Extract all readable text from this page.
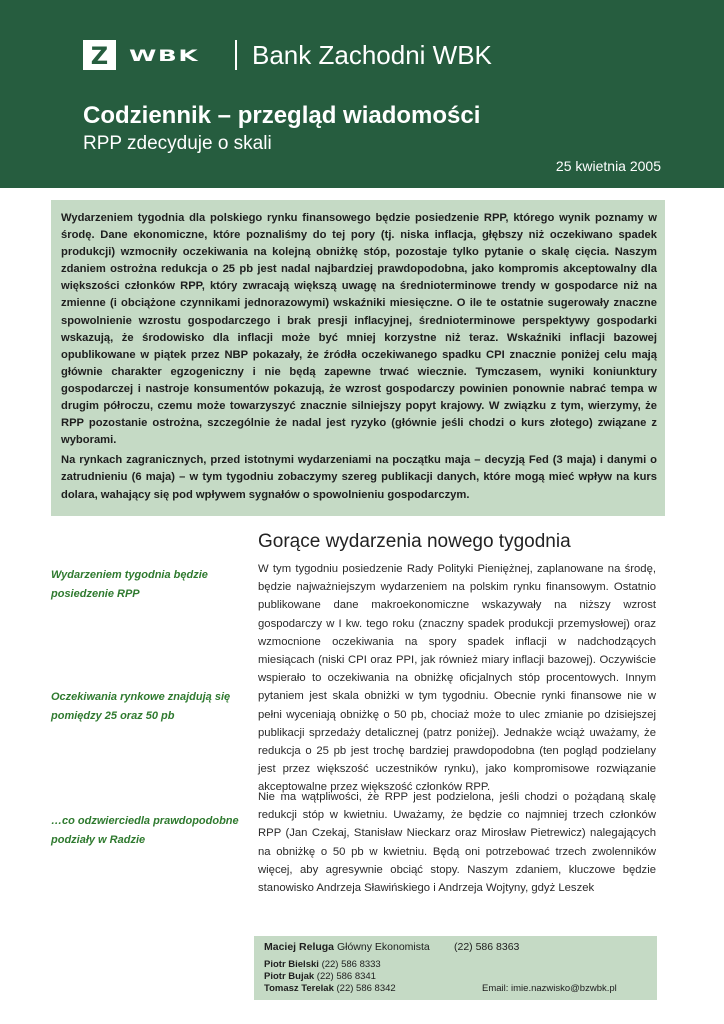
Z WBK Bank Zachodni WBK
Codziennik – przegląd wiadomości
RPP zdecyduje o skali
25 kwietnia 2005

Wydarzeniem tygodnia dla polskiego rynku finansowego będzie posiedzenie RPP, którego wynik poznamy w środę. Dane ekonomiczne, które poznaliśmy do tej pory (tj. niska inflacja, głębszy niż oczekiwano spadek produkcji) wzmocniły oczekiwania na kolejną obniżkę stóp, pozostaje tylko pytanie o skalę cięcia. Naszym zdaniem ostrożna redukcja o 25 pb jest nadal najbardziej prawdopodobna, jako kompromis akceptowalny dla większości członków RPP, który zwracają większą uwagę na średnioterminowe trendy w gospodarce niż na zmienne (i obciążone czynnikami jednorazowymi) wskaźniki miesięczne. O ile te ostatnie sugerowały znaczne spowolnienie wzrostu gospodarczego i brak presji inflacyjnej, średnioterminowe perspektywy gospodarki wskazują, że środowisko dla inflacji może być mniej korzystne niż teraz. Wskaźniki inflacji bazowej opublikowane w piątek przez NBP pokazały, że źródła oczekiwanego spadku CPI znacznie poniżej celu mają głównie charakter egzogeniczny i nie będą zapewne trwać wiecznie. Tymczasem, wyniki koniunktury gospodarczej i nastroje konsumentów pokazują, że wzrost gospodarczy powinien ponownie nabrać tempa w drugim półroczu, czemu może towarzyszyć znacznie silniejszy popyt krajowy. W związku z tym, wierzymy, że RPP pozostanie ostrożna, szczególnie że nadal jest ryzyko (głównie jeśli chodzi o kurs złotego) związane z wyborami.

Na rynkach zagranicznych, przed istotnymi wydarzeniami na początku maja – decyzją Fed (3 maja) i danymi o zatrudnieniu (6 maja) – w tym tygodniu zobaczymy szereg publikacji danych, które mogą mieć wpływ na kurs dolara, wahający się pod wpływem sygnałów o spowolnieniu gospodarczym.

Wydarzeniem tygodnia będzie posiedzenie RPP
Oczekiwania rynkowe znajdują się pomiędzy 25 oraz 50 pb
…co odzwierciedla prawdopodobne podziały w Radzie
Gorące wydarzenia nowego tygodnia

W tym tygodniu posiedzenie Rady Polityki Pieniężnej, zaplanowane na środę, będzie najważniejszym wydarzeniem na polskim rynku finansowym. Ostatnio publikowane dane makroekonomiczne wskazywały na niższy wzrost gospodarczy w I kw. tego roku (znaczny spadek produkcji przemysłowej) oraz wzmocnione oczekiwania na spory spadek inflacji w nadchodzących miesiącach (niski CPI oraz PPI, jak również miary inflacji bazowej). Oczywiście wspierało to oczekiwania na obniżkę oficjalnych stóp procentowych. Innym pytaniem jest skala obniżki w tym tygodniu. Obecnie rynki finansowe nie w pełni wyceniają obniżkę o 50 pb, chociaż może to ulec zmianie po dzisiejszej publikacji sprzedaży detalicznej (patrz poniżej). Jednakże wciąż uważamy, że redukcja o 25 pb jest trochę bardziej prawdopodobna (ten pogląd podzielany jest przez większość uczestników rynku), jako kompromisowe rozwiązanie akceptowalne przez większość członków RPP.

Nie ma wątpliwości, że RPP jest podzielona, jeśli chodzi o pożądaną skalę redukcji stóp w kwietniu. Uważamy, że będzie co najmniej trzech członków RPP (Jan Czekaj, Stanisław Nieckarz oraz Mirosław Pietrewicz) nalegających na obniżkę o 50 pb w kwietniu. Będą oni potrzebować trzech zwolenników więcej, aby agresywnie obciąć stopy. Naszym zdaniem, kluczowe będzie stanowisko Andrzeja Sławińskiego i Andrzeja Wojtyny, gdyż Leszek

Maciej Reluga Główny Ekonomista (22) 586 8363
Piotr Bielski (22) 586 8333
Piotr Bujak (22) 586 8341
Tomasz Terelak (22) 586 8342	Email: imie.nazwisko@bzwbk.pl
